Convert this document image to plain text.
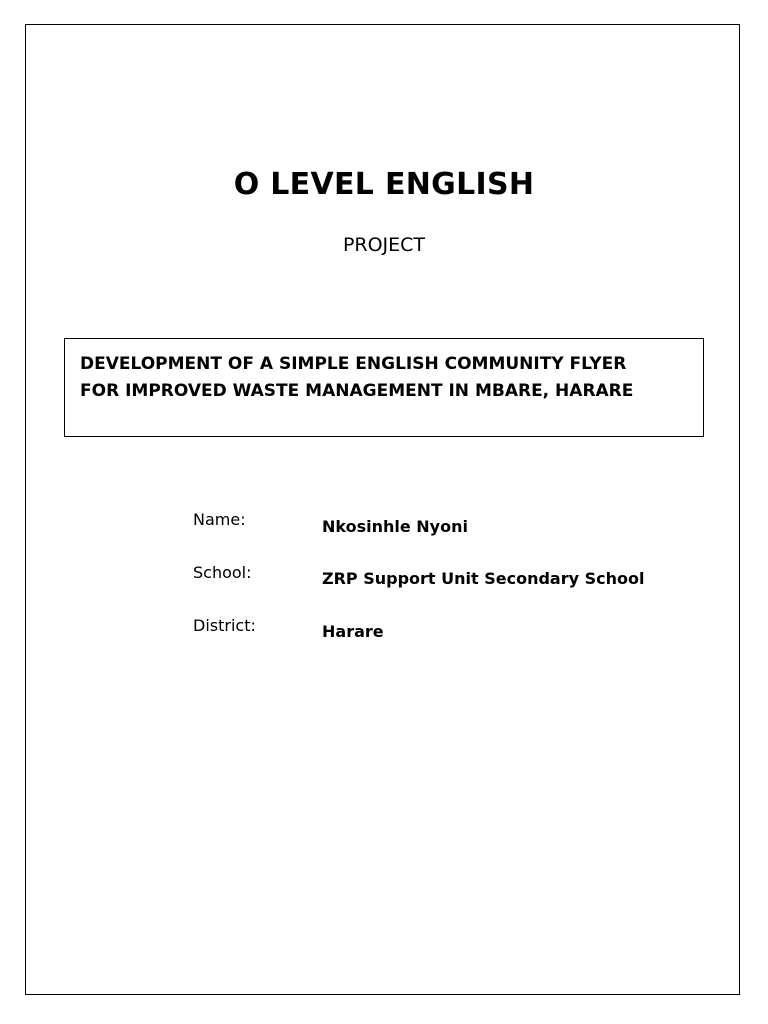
O LEVEL ENGLISH
PROJECT
DEVELOPMENT OF A SIMPLE ENGLISH COMMUNITY FLYER
FOR IMPROVED WASTE MANAGEMENT IN MBARE, HARARE
Name:	Nkosinhle Nyoni
School:	ZRP Support Unit Secondary School
District:	Harare
